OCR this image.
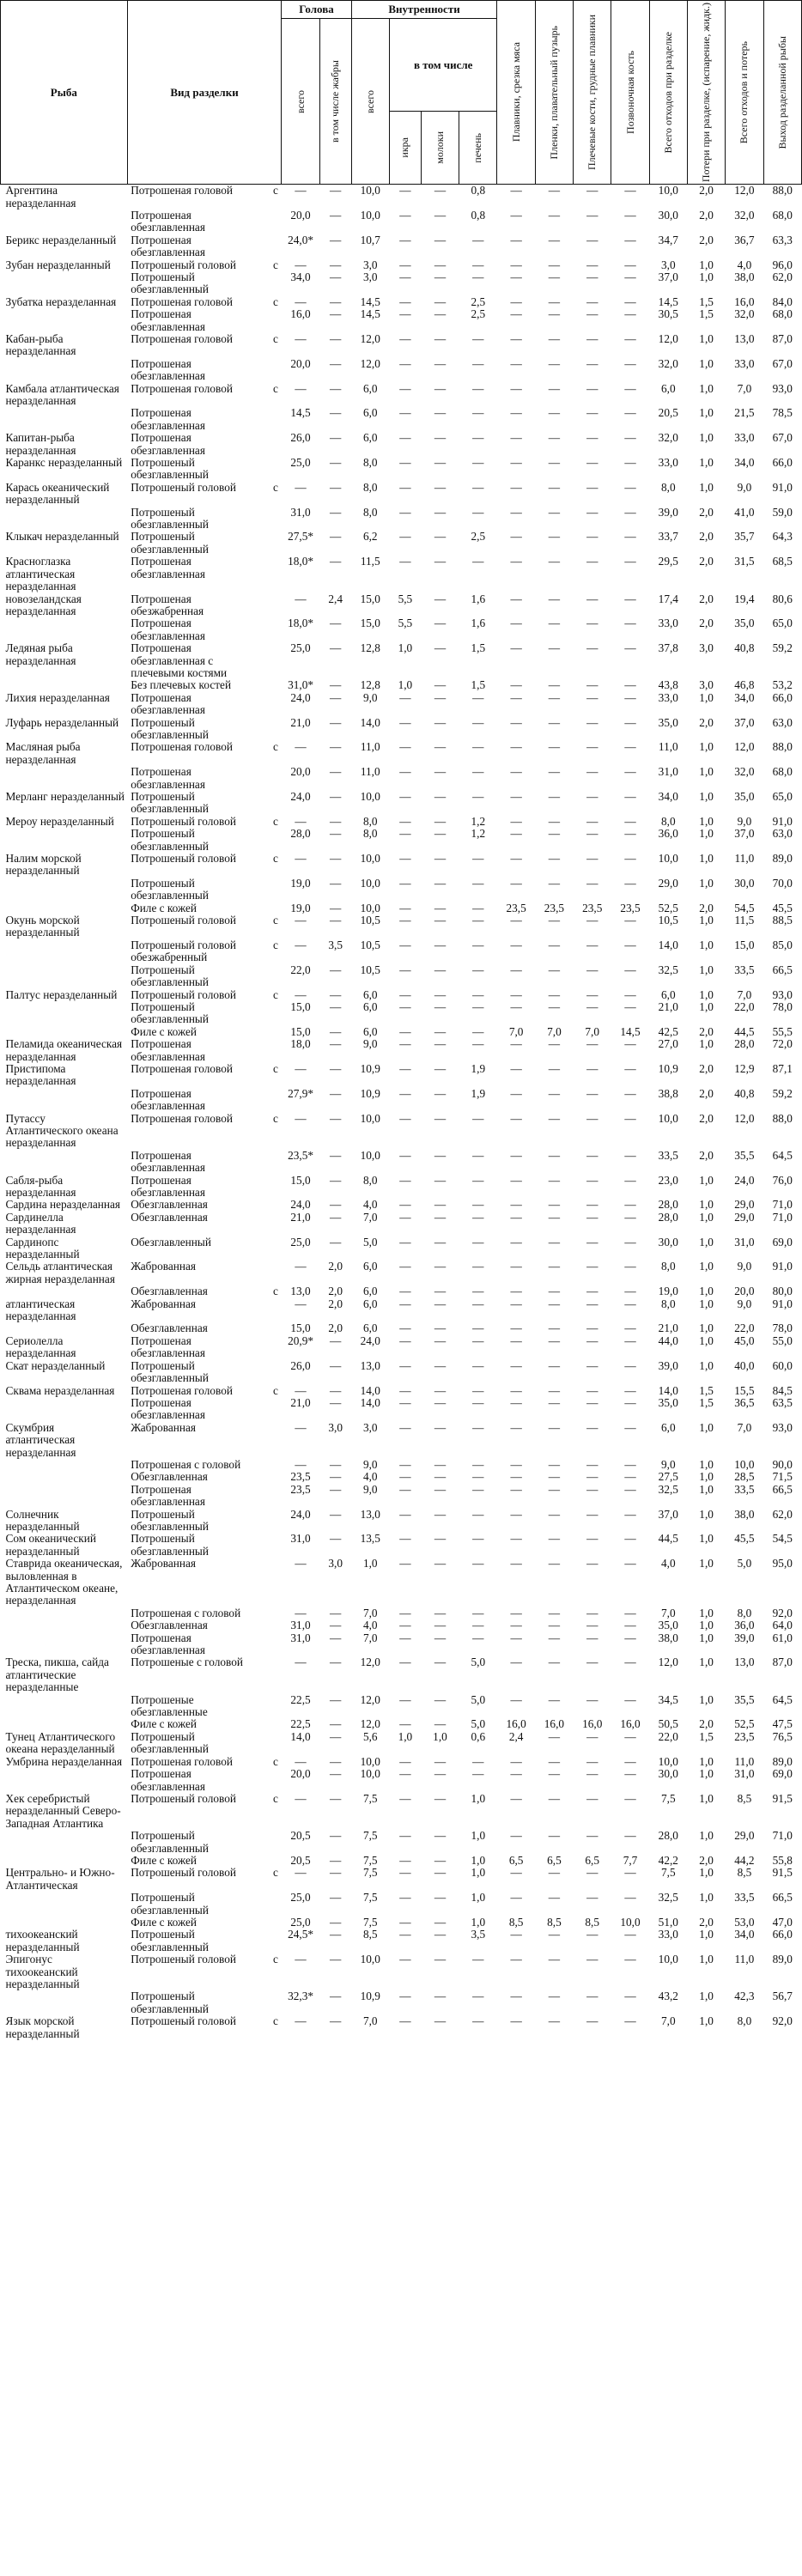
Рыба	Вид разделки		Голова		Внутренности				Плавники, срезка мяса	Пленки, плавательный пузырь	Плечевые кости, грудные плавники	Позвоночная кость	Всего отходов при разделке	Потери при разделке, (испарение, жидк.)	Всего отходов и потерь	Выход разделанной рыбы

			всего	в том числе жабры	всего	в том числе										

						икра	молоки	печень								

Аргентина неразделанная	Потрошеная головой	с	—	—	10,0	—	—	0,8	—	—	—	—	10,0	2,0	12,0	88,0
	Потрошеная обезглавленная		20,0	—	10,0	—	—	0,8	—	—	—	—	30,0	2,0	32,0	68,0
Берикс неразделанный	Потрошеная обезглавленная		24,0*	—	10,7	—	—	—	—	—	—	—	34,7	2,0	36,7	63,3
Зубан неразделанный	Потрошеный головой	с	—	—	3,0	—	—	—	—	—	—	—	3,0	1,0	4,0	96,0
	Потрошеный обезглавленный		34,0	—	3,0	—	—	—	—	—	—	—	37,0	1,0	38,0	62,0
Зубатка неразделанная	Потрошеная головой	с	—	—	14,5	—	—	2,5	—	—	—	—	14,5	1,5	16,0	84,0
	Потрошеная обезглавленная		16,0	—	14,5	—	—	2,5	—	—	—	—	30,5	1,5	32,0	68,0
Кабан-рыба неразделанная	Потрошеная головой	с	—	—	12,0	—	—	—	—	—	—	—	12,0	1,0	13,0	87,0
	Потрошеная обезглавленная		20,0	—	12,0	—	—	—	—	—	—	—	32,0	1,0	33,0	67,0
Камбала атлантическая неразделанная	Потрошеная головой	с	—	—	6,0	—	—	—	—	—	—	—	6,0	1,0	7,0	93,0
	Потрошеная обезглавленная		14,5	—	6,0	—	—	—	—	—	—	—	20,5	1,0	21,5	78,5
Капитан-рыба неразделанная	Потрошеная обезглавленная		26,0	—	6,0	—	—	—	—	—	—	—	32,0	1,0	33,0	67,0
Каранкс неразделанный	Потрошеный обезглавленный		25,0	—	8,0	—	—	—	—	—	—	—	33,0	1,0	34,0	66,0
Карась океанический неразделанный	Потрошеный головой	с	—	—	8,0	—	—	—	—	—	—	—	8,0	1,0	9,0	91,0
	Потрошеный обезглавленный		31,0	—	8,0	—	—	—	—	—	—	—	39,0	2,0	41,0	59,0
Клыкач неразделанный	Потрошеный обезглавленный		27,5*	—	6,2	—	—	2,5	—	—	—	—	33,7	2,0	35,7	64,3
Красноглазка атлантическая неразделанная	Потрошеная обезглавленная		18,0*	—	11,5	—	—	—	—	—	—	—	29,5	2,0	31,5	68,5
новозеландская неразделанная	Потрошеная обезжабренная		—	2,4	15,0	5,5	—	1,6	—	—	—	—	17,4	2,0	19,4	80,6
	Потрошеная обезглавленная		18,0*	—	15,0	5,5	—	1,6	—	—	—	—	33,0	2,0	35,0	65,0
Ледяная рыба неразделанная	Потрошеная обезглавленная с плечевыми костями		25,0	—	12,8	1,0	—	1,5	—	—	—	—	37,8	3,0	40,8	59,2
	Без плечевых костей		31,0*	—	12,8	1,0	—	1,5	—	—	—	—	43,8	3,0	46,8	53,2
Лихия неразделанная	Потрошеная обезглавленная		24,0	—	9,0	—	—	—	—	—	—	—	33,0	1,0	34,0	66,0
Луфарь неразделанный	Потрошеный обезглавленный		21,0	—	14,0	—	—	—	—	—	—	—	35,0	2,0	37,0	63,0
Масляная рыба неразделанная	Потрошеная головой	с	—	—	11,0	—	—	—	—	—	—	—	11,0	1,0	12,0	88,0
	Потрошеная обезглавленная		20,0	—	11,0	—	—	—	—	—	—	—	31,0	1,0	32,0	68,0
Мерланг неразделанный	Потрошеный обезглавленный		24,0	—	10,0	—	—	—	—	—	—	—	34,0	1,0	35,0	65,0
Мероу неразделанный	Потрошеный головой	с	—	—	8,0	—	—	1,2	—	—	—	—	8,0	1,0	9,0	91,0
	Потрошеный обезглавленный		28,0	—	8,0	—	—	1,2	—	—	—	—	36,0	1,0	37,0	63,0
Налим морской неразделанный	Потрошеный головой	с	—	—	10,0	—	—	—	—	—	—	—	10,0	1,0	11,0	89,0
	Потрошеный обезглавленный		19,0	—	10,0	—	—	—	—	—	—	—	29,0	1,0	30,0	70,0
	Филе с кожей		19,0	—	10,0	—	—	—	23,5	23,5	23,5	23,5	52,5	2,0	54,5	45,5
Окунь морской неразделанный	Потрошеный головой	с	—	—	10,5	—	—	—	—	—	—	—	10,5	1,0	11,5	88,5
	Потрошеный головой обезжабренный	с	—	3,5	10,5	—	—	—	—	—	—	—	14,0	1,0	15,0	85,0
	Потрошеный обезглавленный		22,0	—	10,5	—	—	—	—	—	—	—	32,5	1,0	33,5	66,5
Палтус неразделанный	Потрошеный головой	с	—	—	6,0	—	—	—	—	—	—	—	6,0	1,0	7,0	93,0
	Потрошеный обезглавленный		15,0	—	6,0	—	—	—	—	—	—	—	21,0	1,0	22,0	78,0
	Филе с кожей		15,0	—	6,0	—	—	—	7,0	7,0	7,0	14,5	42,5	2,0	44,5	55,5
Пеламида океаническая неразделанная	Потрошеная обезглавленная		18,0	—	9,0	—	—	—	—	—	—	—	27,0	1,0	28,0	72,0
Пристипома неразделанная	Потрошеная головой	с	—	—	10,9	—	—	1,9	—	—	—	—	10,9	2,0	12,9	87,1
	Потрошеная обезглавленная		27,9*	—	10,9	—	—	1,9	—	—	—	—	38,8	2,0	40,8	59,2
Путассу Атлантического океана неразделанная	Потрошеная головой	с	—	—	10,0	—	—	—	—	—	—	—	10,0	2,0	12,0	88,0
	Потрошеная обезглавленная		23,5*	—	10,0	—	—	—	—	—	—	—	33,5	2,0	35,5	64,5
Сабля-рыба неразделанная	Потрошеная обезглавленная		15,0	—	8,0	—	—	—	—	—	—	—	23,0	1,0	24,0	76,0
Сардина неразделанная	Обезглавленная		24,0	—	4,0	—	—	—	—	—	—	—	28,0	1,0	29,0	71,0
Сардинелла неразделанная	Обезглавленная		21,0	—	7,0	—	—	—	—	—	—	—	28,0	1,0	29,0	71,0
Сардинопс неразделанный	Обезглавленный		25,0	—	5,0	—	—	—	—	—	—	—	30,0	1,0	31,0	69,0
Сельдь атлантическая жирная неразделанная	Жаброванная		—	2,0	6,0	—	—	—	—	—	—	—	8,0	1,0	9,0	91,0
	Обезглавленная	с	13,0	2,0	6,0	—	—	—	—	—	—	—	19,0	1,0	20,0	80,0
атлантическая неразделанная	Жаброванная		—	2,0	6,0	—	—	—	—	—	—	—	8,0	1,0	9,0	91,0
	Обезглавленная		15,0	2,0	6,0	—	—	—	—	—	—	—	21,0	1,0	22,0	78,0
Сериолелла неразделанная	Потрошеная обезглавленная		20,9*	—	24,0	—	—	—	—	—	—	—	44,0	1,0	45,0	55,0
Скат неразделанный	Потрошеный обезглавленный		26,0	—	13,0	—	—	—	—	—	—	—	39,0	1,0	40,0	60,0
Сквама неразделанная	Потрошеная головой	с	—	—	14,0	—	—	—	—	—	—	—	14,0	1,5	15,5	84,5
	Потрошеная обезглавленная		21,0	—	14,0	—	—	—	—	—	—	—	35,0	1,5	36,5	63,5
Скумбрия атлантическая неразделанная	Жаброванная		—	3,0	3,0	—	—	—	—	—	—	—	6,0	1,0	7,0	93,0
	Потрошеная с головой		—	—	9,0	—	—	—	—	—	—	—	9,0	1,0	10,0	90,0
	Обезглавленная		23,5	—	4,0	—	—	—	—	—	—	—	27,5	1,0	28,5	71,5
	Потрошеная обезглавленная		23,5	—	9,0	—	—	—	—	—	—	—	32,5	1,0	33,5	66,5
Солнечник неразделанный	Потрошеный обезглавленный		24,0	—	13,0	—	—	—	—	—	—	—	37,0	1,0	38,0	62,0
Сом океанический неразделанный	Потрошеный обезглавленный		31,0	—	13,5	—	—	—	—	—	—	—	44,5	1,0	45,5	54,5
Ставрида океаническая, выловленная в Атлантическом океане, неразделанная	Жаброванная		—	3,0	1,0	—	—	—	—	—	—	—	4,0	1,0	5,0	95,0
	Потрошеная с головой		—	—	7,0	—	—	—	—	—	—	—	7,0	1,0	8,0	92,0
	Обезглавленная		31,0	—	4,0	—	—	—	—	—	—	—	35,0	1,0	36,0	64,0
	Потрошеная обезглавленная		31,0	—	7,0	—	—	—	—	—	—	—	38,0	1,0	39,0	61,0
Треска, пикша, сайда атлантические неразделанные	Потрошеные с головой		—	—	12,0	—	—	5,0	—	—	—	—	12,0	1,0	13,0	87,0
	Потрошеные обезглавленные		22,5	—	12,0	—	—	5,0	—	—	—	—	34,5	1,0	35,5	64,5
	Филе с кожей		22,5	—	12,0	—	—	5,0	16,0	16,0	16,0	16,0	50,5	2,0	52,5	47,5
Тунец Атлантического океана неразделанный	Потрошеный обезглавленный		14,0	—	5,6	1,0	1,0	0,6	2,4	—	—	—	22,0	1,5	23,5	76,5
Умбрина неразделанная	Потрошеная головой	с	—	—	10,0	—	—	—	—	—	—	—	10,0	1,0	11,0	89,0
	Потрошеная обезглавленная		20,0	—	10,0	—	—	—	—	—	—	—	30,0	1,0	31,0	69,0
Хек серебристый неразделанный Северо-Западная Атлантика	Потрошеный головой	с	—	—	7,5	—	—	1,0	—	—	—	—	7,5	1,0	8,5	91,5
	Потрошеный обезглавленный		20,5	—	7,5	—	—	1,0	—	—	—	—	28,0	1,0	29,0	71,0
	Филе с кожей		20,5	—	7,5	—	—	1,0	6,5	6,5	6,5	7,7	42,2	2,0	44,2	55,8
Центрально- и Южно-Атлантическая	Потрошеный головой	с	—	—	7,5	—	—	1,0	—	—	—	—	7,5	1,0	8,5	91,5
	Потрошеный обезглавленный		25,0	—	7,5	—	—	1,0	—	—	—	—	32,5	1,0	33,5	66,5
	Филе с кожей		25,0	—	7,5	—	—	1,0	8,5	8,5	8,5	10,0	51,0	2,0	53,0	47,0
тихоокеанский неразделанный	Потрошеный обезглавленный		24,5*	—	8,5	—	—	3,5	—	—	—	—	33,0	1,0	34,0	66,0
Эпигонус тихоокеанский неразделанный	Потрошеный головой	с	—	—	10,0	—	—	—	—	—	—	—	10,0	1,0	11,0	89,0
	Потрошеный обезглавленный		32,3*	—	10,9	—	—	—	—	—	—	—	43,2	1,0	42,3	56,7
Язык морской неразделанный	Потрошеный головой	с	—	—	7,0	—	—	—	—	—	—	—	7,0	1,0	8,0	92,0
